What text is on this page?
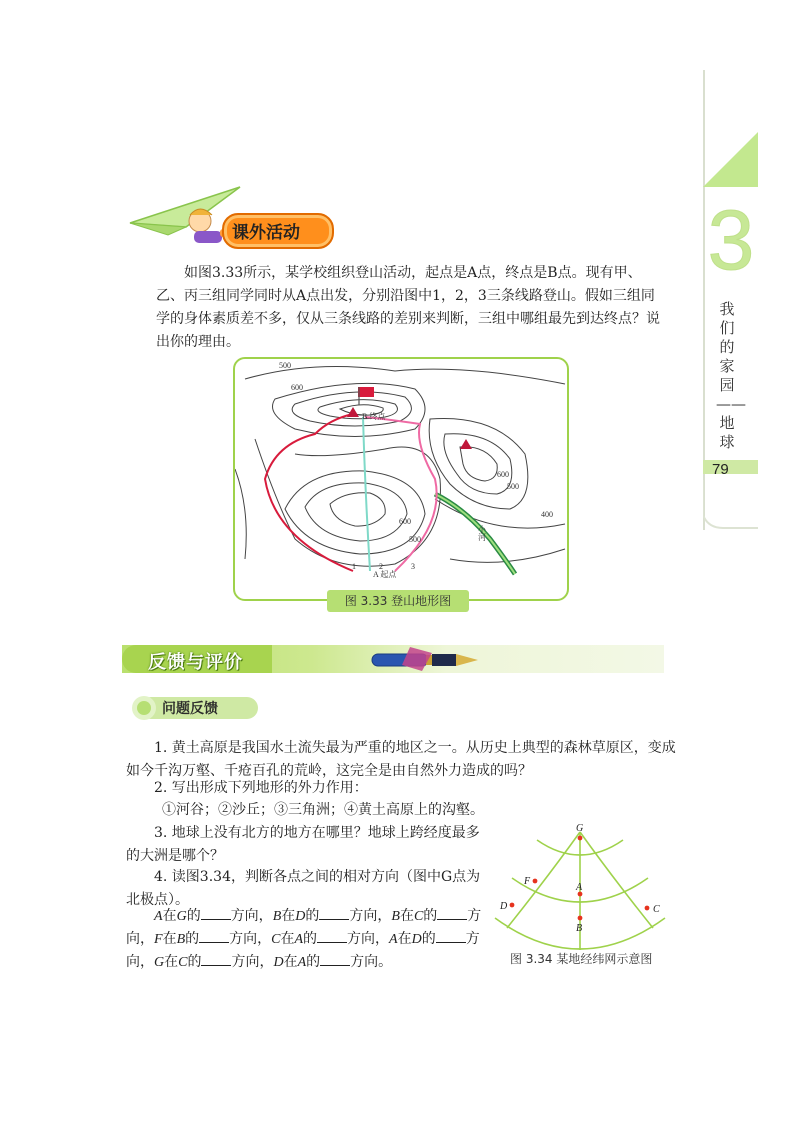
3
我们的家园——地球
79
课外活动
如图3.33所示，某学校组织登山活动，起点是A点，终点是B点。现有甲、乙、丙三组同学同时从A点出发，分别沿图中1，2，3三条线路登山。假如三组同学的身体素质差不多，仅从三条线路的差别来判断，三组中哪组最先到达终点？说出你的理由。
500
600
600
500
400
600
500
B 终点
A 起点
小河
1	2	3
图 3.33 登山地形图
反馈与评价
问题反馈
1. 黄土高原是我国水土流失最为严重的地区之一。从历史上典型的森林草原区，变成如今千沟万壑、千疮百孔的荒岭，这完全是由自然外力造成的吗？
2. 写出形成下列地形的外力作用：
①河谷；②沙丘；③三角洲；④黄土高原上的沟壑。
3. 地球上没有北方的地方在哪里？地球上跨经度最多的大洲是哪个？
4. 读图3.34，判断各点之间的相对方向（图中G点为北极点）。
A在G的 方向，B在D的 方向，B在C的 方向，F在B的 方向，C在A的 方向，A在D的 方向，G在C的 方向，D在A的 方向。
G
F
A
D
B
C
图 3.34 某地经纬网示意图
